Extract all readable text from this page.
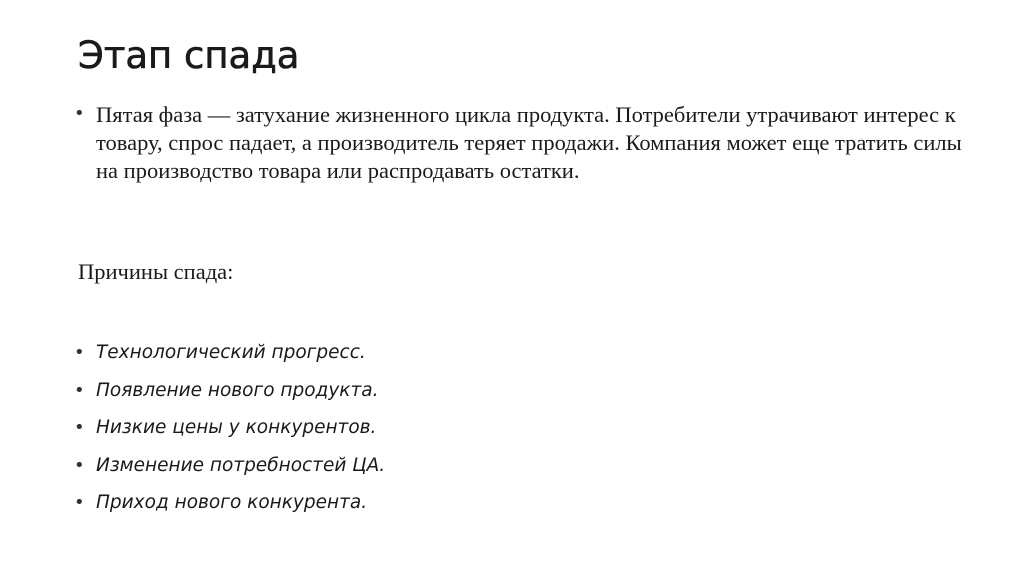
Этап спада
• Пятая фаза — затухание жизненного цикла продукта. Потребители утрачивают интерес к товару, спрос падает, а производитель теряет продажи. Компания может еще тратить силы на производство товара или распродавать остатки.

Причины спада:

• Технологический прогресс.
• Появление нового продукта.
• Низкие цены у конкурентов.
• Изменение потребностей ЦА.
• Приход нового конкурента.
